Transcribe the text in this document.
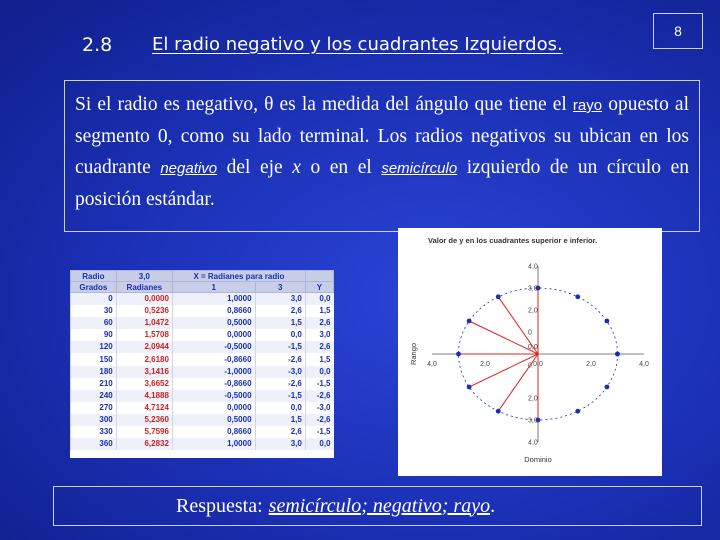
2.8 El radio negativo y los cuadrantes Izquierdos.
8
Si el radio es negativo, θ es la medida del ángulo que tiene el rayo opuesto al segmento 0, como su lado terminal. Los radios negativos su ubican en los cuadrante negativo del eje x o en el semicírculo izquierdo de un círculo en posición estándar.
Radio	3,0	X = Radianes para radio		
Grados	Radianes	1	3	Y
0	0,0000	1,0000	3,0	0,0
30	0,5236	0,8660	2,6	1,5
60	1,0472	0,5000	1,5	2,6
90	1,5708	0,0000	0,0	3,0
120	2,0944	-0,5000	-1,5	2,6
150	2,6180	-0,8660	-2,6	1,5
180	3,1416	-1,0000	-3,0	0,0
210	3,6652	-0,8660	-2,6	-1,5
240	4,1888	-0,5000	-1,5	-2,6
270	4,7124	0,0000	0,0	-3,0
300	5,2360	0,5000	1,5	-2,6
330	5,7596	0,8660	2,6	-1,5
360	6,2832	1,0000	3,0	0,0
Valor de y en los cuadrantes superior e inferior.
4,0	2,0	0,0	2,0	4,0
4,0
3,0
2,0
0
0,0
0
2,0
3,0
4,0
Dominio
Rango
Respuesta: semicírculo; negativo; rayo .
